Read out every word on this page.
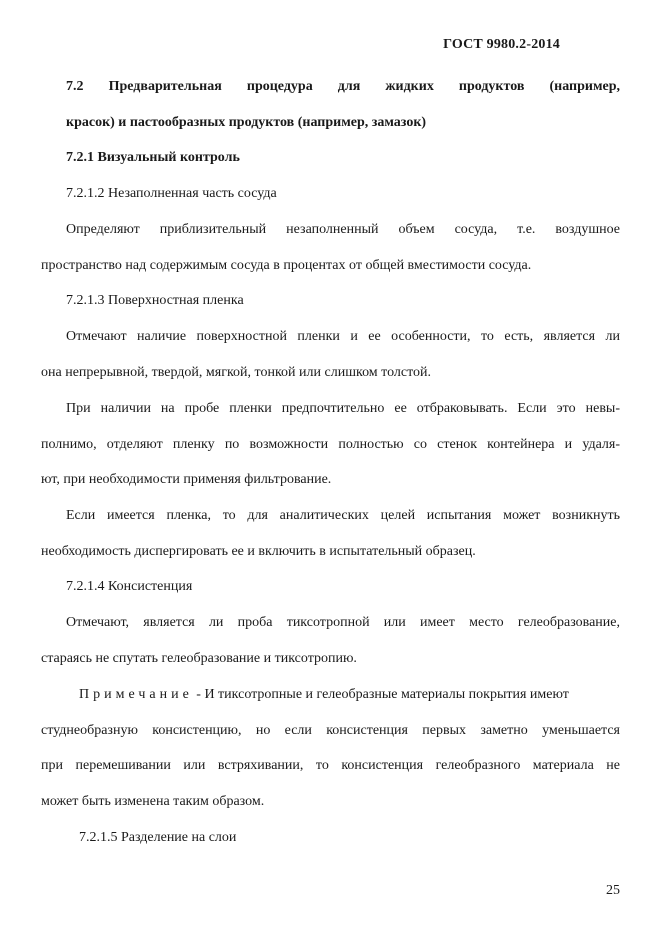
ГОСТ 9980.2-2014
7.2 Предварительная процедура для жидких продуктов (например,
красок) и пастообразных продуктов (например, замазок)
7.2.1 Визуальный контроль
7.2.1.2 Незаполненная часть сосуда
Определяют приблизительный незаполненный объем сосуда, т.е. воздушное
пространство над содержимым сосуда в процентах от общей вместимости сосуда.
7.2.1.3 Поверхностная пленка
Отмечают наличие поверхностной пленки и ее особенности, то есть, является ли
она непрерывной, твердой, мягкой, тонкой или слишком толстой.
При наличии на пробе пленки предпочтительно ее отбраковывать. Если это невы-
полнимо, отделяют пленку по возможности полностью со стенок контейнера и удаля-
ют, при необходимости применяя фильтрование.
Если имеется пленка, то для аналитических целей испытания может возникнуть
необходимость диспергировать ее и включить в испытательный образец.
7.2.1.4 Консистенция
Отмечают, является ли проба тиксотропной или имеет место гелеобразование,
стараясь не спутать гелеобразование и тиксотропию.
Примечание - И тиксотропные и гелеобразные материалы покрытия имеют
студнеобразную консистенцию, но если консистенция первых заметно уменьшается
при перемешивании или встряхивании, то консистенция гелеобразного материала не
может быть изменена таким образом.
7.2.1.5 Разделение на слои
25
